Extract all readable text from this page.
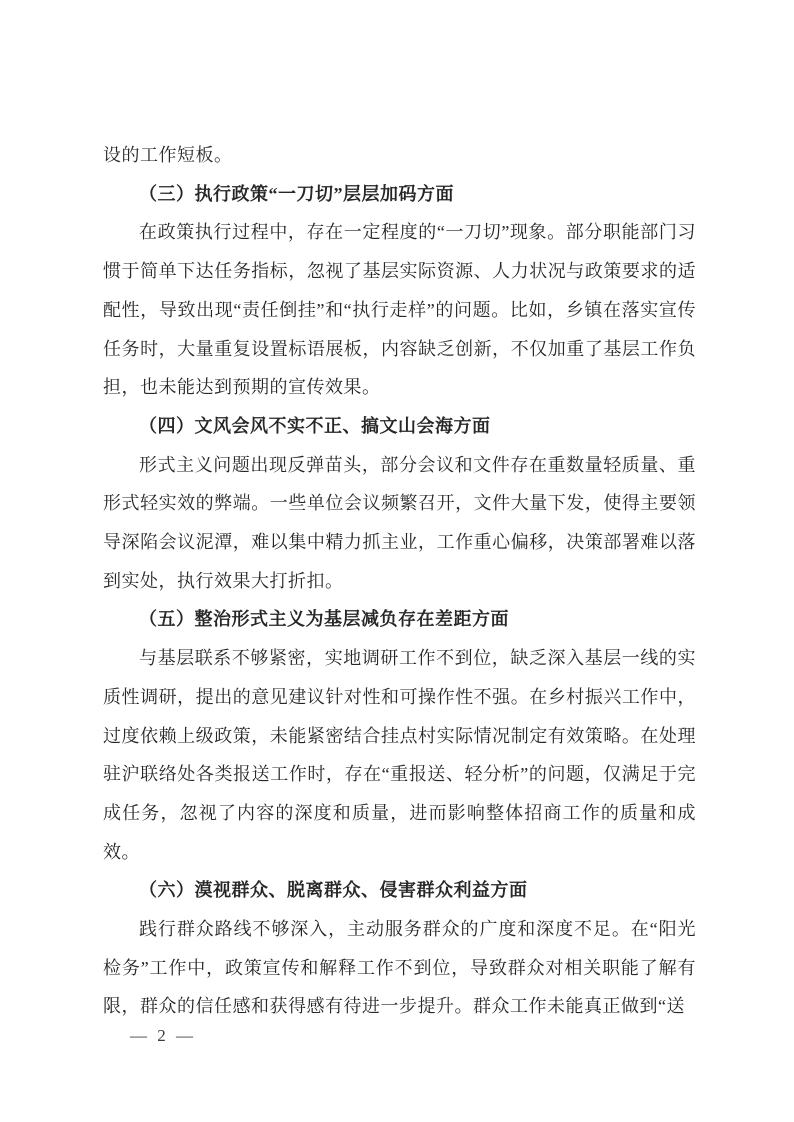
设的工作短板。

（三）执行政策“一刀切”层层加码方面

在政策执行过程中，存在一定程度的“一刀切”现象。部分职能部门习惯于简单下达任务指标，忽视了基层实际资源、人力状况与政策要求的适配性，导致出现“责任倒挂”和“执行走样”的问题。比如，乡镇在落实宣传任务时，大量重复设置标语展板，内容缺乏创新，不仅加重了基层工作负担，也未能达到预期的宣传效果。

（四）文风会风不实不正、搞文山会海方面

形式主义问题出现反弹苗头，部分会议和文件存在重数量轻质量、重形式轻实效的弊端。一些单位会议频繁召开，文件大量下发，使得主要领导深陷会议泥潭，难以集中精力抓主业，工作重心偏移，决策部署难以落到实处，执行效果大打折扣。

（五）整治形式主义为基层减负存在差距方面

与基层联系不够紧密，实地调研工作不到位，缺乏深入基层一线的实质性调研，提出的意见建议针对性和可操作性不强。在乡村振兴工作中，过度依赖上级政策，未能紧密结合挂点村实际情况制定有效策略。在处理驻沪联络处各类报送工作时，存在“重报送、轻分析”的问题，仅满足于完成任务，忽视了内容的深度和质量，进而影响整体招商工作的质量和成效。

（六）漠视群众、脱离群众、侵害群众利益方面

践行群众路线不够深入，主动服务群众的广度和深度不足。在“阳光检务”工作中，政策宣传和解释工作不到位，导致群众对相关职能了解有限，群众的信任感和获得感有待进一步提升。群众工作未能真正做到“送

— 2 —
